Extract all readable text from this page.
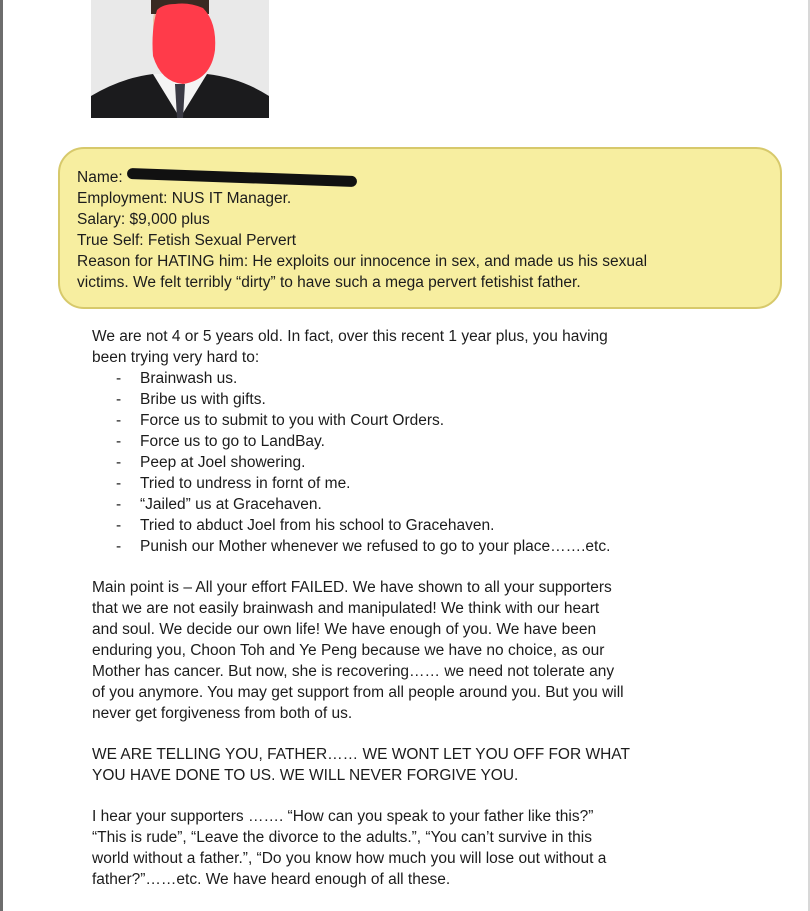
Name:
Employment: NUS IT Manager.
Salary: $9,000 plus
True Self: Fetish Sexual Pervert
Reason for HATING him: He exploits our innocence in sex, and made us his sexual
victims. We felt terribly “dirty” to have such a mega pervert fetishist father.

We are not 4 or 5 years old. In fact, over this recent 1 year plus, you having
been trying very hard to:

- Brainwash us.
- Bribe us with gifts.
- Force us to submit to you with Court Orders.
- Force us to go to LandBay.
- Peep at Joel showering.
- Tried to undress in fornt of me.
- “Jailed” us at Gracehaven.
- Tried to abduct Joel from his school to Gracehaven.
- Punish our Mother whenever we refused to go to your place…….etc.

Main point is – All your effort FAILED. We have shown to all your supporters
that we are not easily brainwash and manipulated! We think with our heart
and soul. We decide our own life! We have enough of you. We have been
enduring you, Choon Toh and Ye Peng because we have no choice, as our
Mother has cancer. But now, she is recovering…… we need not tolerate any
of you anymore. You may get support from all people around you. But you will
never get forgiveness from both of us.

WE ARE TELLING YOU, FATHER…… WE WONT LET YOU OFF FOR WHAT
YOU HAVE DONE TO US. WE WILL NEVER FORGIVE YOU.

I hear your supporters ……. “How can you speak to your father like this?”
“This is rude”, “Leave the divorce to the adults.”, “You can’t survive in this
world without a father.”, “Do you know how much you will lose out without a
father?”……etc. We have heard enough of all these.
